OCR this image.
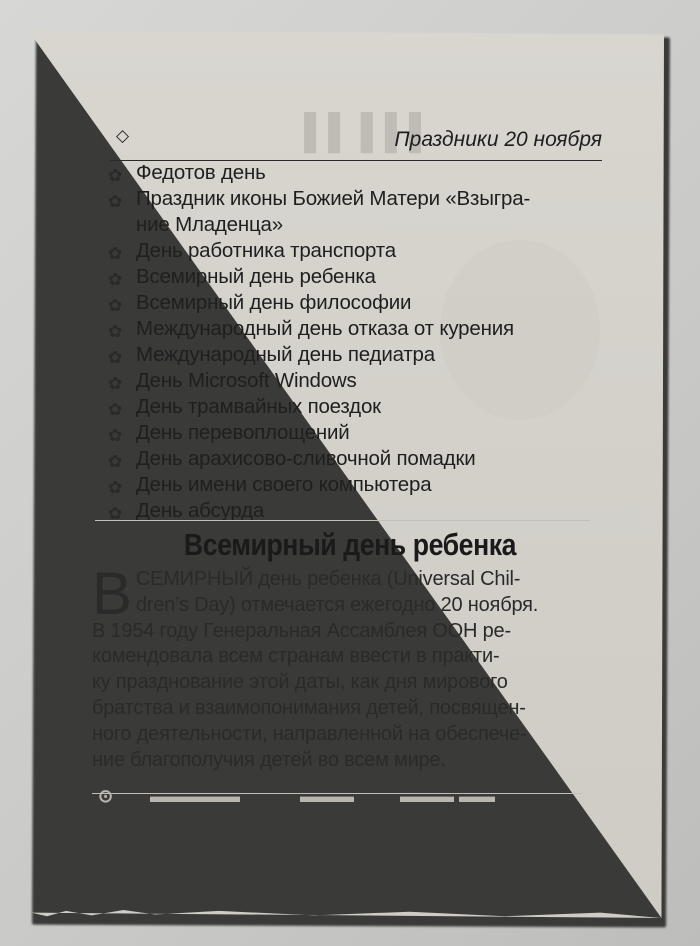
▌▌▌ ▌▌
◇	Праздники 20 ноября
✿ Федотов день
✿ Праздник иконы Божией Матери «Взыгра-
ние Младенца»
✿ День работника транспорта
✿ Всемирный день ребенка
✿ Всемирный день философии
✿ Международный день отказа от курения
✿ Международный день педиатра
✿ День Microsoft Windows
✿ День трамвайных поездок
✿ День перевоплощений
✿ День арахисово-сливочной помадки
✿ День имени своего компьютера
✿ День абсурда
Всемирный день ребенка
В СЕМИРНЫЙ день ребенка (Universal Chil-
dren’s Day) отмечается ежегодно 20 ноября.
В 1954 году Генеральная Ассамблея ООН ре-
комендовала всем странам ввести в практи-
ку празднование этой даты, как дня мирового
братства и взаимопонимания детей, посвящен-
ного деятельности, направленной на обеспече-
ние благополучия детей во всем мире.
⊙ ▬▬▬▬▬	▬▬▬	▬▬ ▬▬▬
